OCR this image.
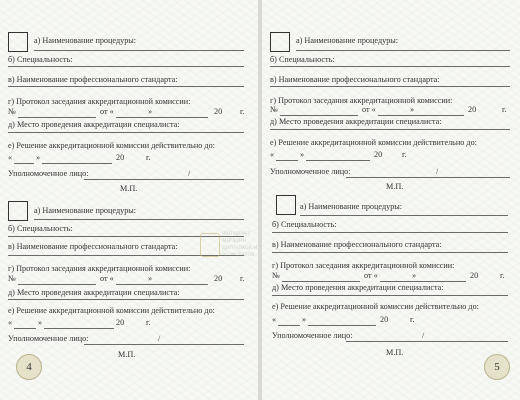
а) Наименование процедуры:
б) Специальность:
в) Наименование профессионального стандарта:
г) Протокол заседания аккредитационной комиссии:
№	от «	»	20 г.
д) Место проведения аккредитации специалиста:
е) Решение аккредитационной комиссии действительно до:
«	»	20	г.
Уполномоченное лицо:	/
М.П.
а) Наименование процедуры:
б) Специальность:
в) Наименование профессионального стандарта:
г) Протокол заседания аккредитационной комиссии:
№	от «	»	20 г.
д) Место проведения аккредитации специалиста:
е) Решение аккредитационной комиссии действительно до:
«	»	20	г.
Уполномоченное лицо:	/
М.П.
4
а) Наименование процедуры:
б) Специальность:
в) Наименование профессионального стандарта:
г) Протокол заседания аккредитационной комиссии:
№	от «	»	20	г.
д) Место проведения аккредитации специалиста:
е) Решение аккредитационной комиссии действительно до:
«	»	20 г.
Уполномоченное лицо:	/
М.П.
а) Наименование процедуры:
б) Специальность:
в) Наименование профессионального стандарта:
г) Протокол заседания аккредитационной комиссии:
№	от «	»	20	г.
д) Место проведения аккредитации специалиста:
е) Решение аккредитационной комиссии действительно до:
«	»	20	г.
Уполномоченное лицо:	/
М.П.
5
Интернет
магазин
дипломов и
аттестатов
